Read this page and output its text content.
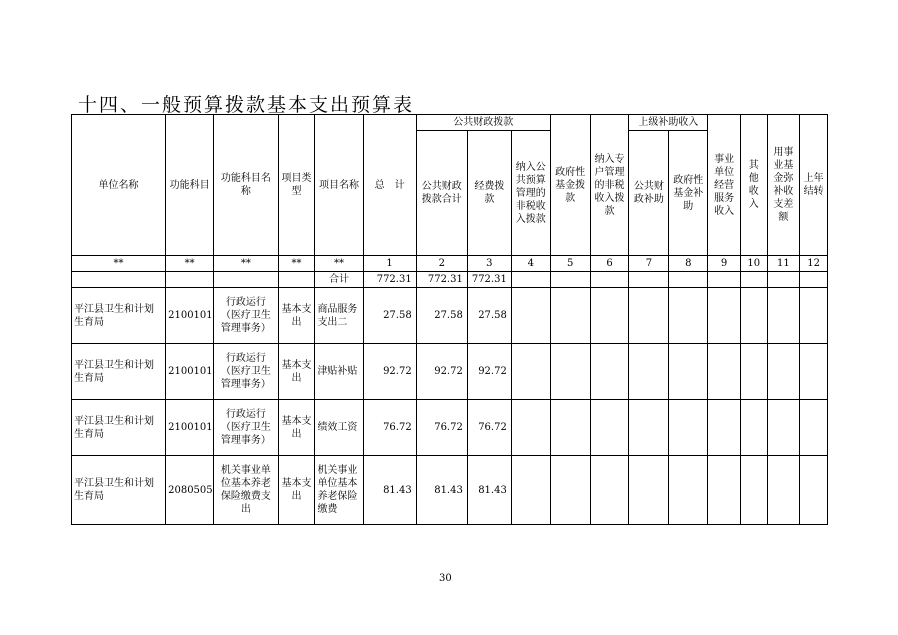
十四、一般预算拨款基本支出预算表
单位名称	功能科目	功能科目名称	项目类型	项目名称	总　计	公共财政拨款			政府性基金拨款	纳入专户管理的非税收入拨款	上级补助收入		事业单位经营服务收入	其他收入	用事业基金弥补收支差额	上年结转
						公共财政拨款合计	经费拨款	纳入公共预算管理的非税收入拨款			公共财政补助	政府性基金补助				
**	**	**	**	**	1	2	3	4	5	6	7	8	9	10	11	12
				合计	772.31	772.31	772.31									
平江县卫生和计划生育局	2100101	行政运行（医疗卫生管理事务）	基本支出	商品服务支出二	27.58	27.58	27.58									
平江县卫生和计划生育局	2100101	行政运行（医疗卫生管理事务）	基本支出	津贴补贴	92.72	92.72	92.72									
平江县卫生和计划生育局	2100101	行政运行（医疗卫生管理事务）	基本支出	绩效工资	76.72	76.72	76.72									
平江县卫生和计划生育局	2080505	机关事业单位基本养老保险缴费支出	基本支出	机关事业单位基本养老保险缴费	81.43	81.43	81.43									
30
